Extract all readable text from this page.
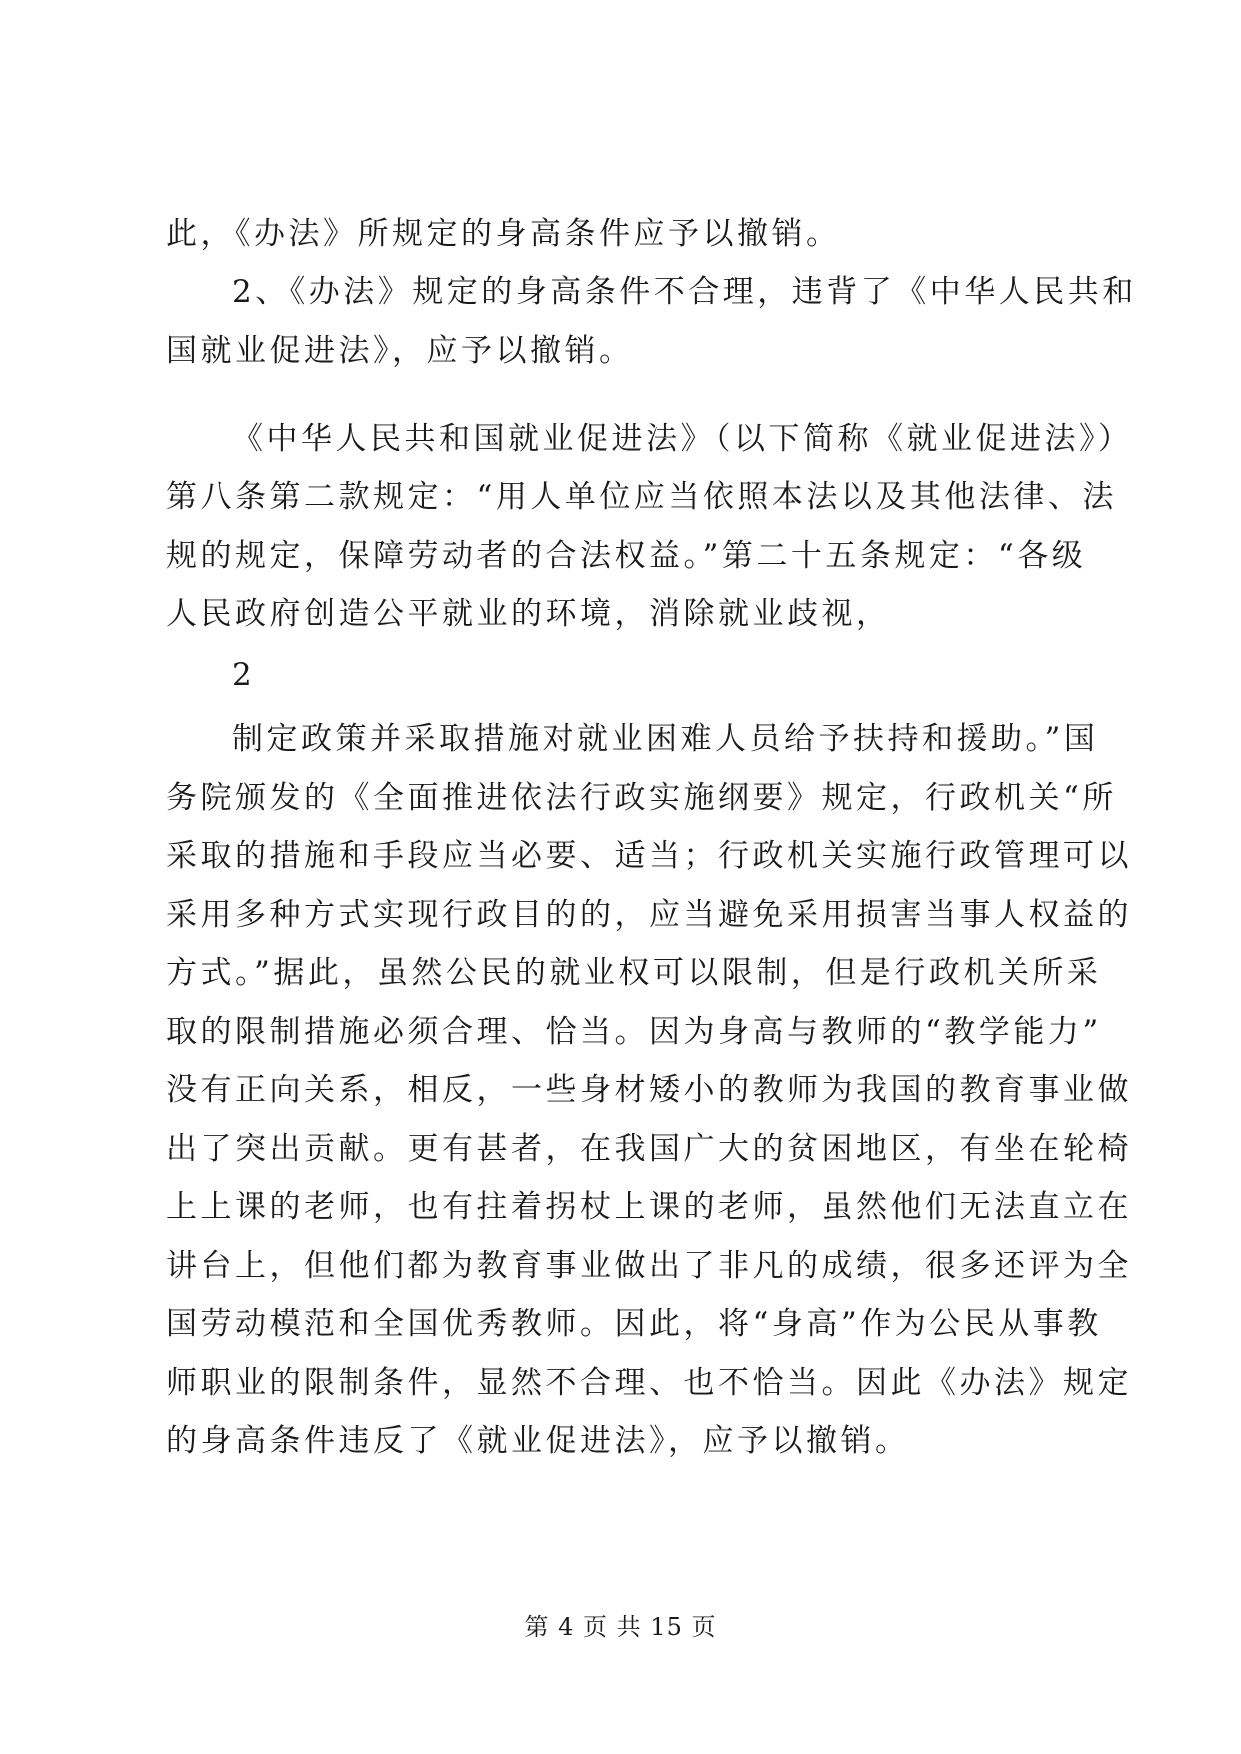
此，《办法》所规定的身高条件应予以撤销。
2、《办法》规定的身高条件不合理，违背了《中华人民共和
国就业促进法》，应予以撤销。
《中华人民共和国就业促进法》（以下简称《就业促进法》）
第八条第二款规定：“用人单位应当依照本法以及其他法律、法
规的规定，保障劳动者的合法权益。”第二十五条规定：“各级
人民政府创造公平就业的环境，消除就业歧视，
2
制定政策并采取措施对就业困难人员给予扶持和援助。”国
务院颁发的《全面推进依法行政实施纲要》规定，行政机关“所
采取的措施和手段应当必要、适当；行政机关实施行政管理可以
采用多种方式实现行政目的的，应当避免采用损害当事人权益的
方式。”据此，虽然公民的就业权可以限制，但是行政机关所采
取的限制措施必须合理、恰当。因为身高与教师的“教学能力”
没有正向关系，相反，一些身材矮小的教师为我国的教育事业做
出了突出贡献。更有甚者，在我国广大的贫困地区，有坐在轮椅
上上课的老师，也有拄着拐杖上课的老师，虽然他们无法直立在
讲台上，但他们都为教育事业做出了非凡的成绩，很多还评为全
国劳动模范和全国优秀教师。因此，将“身高”作为公民从事教
师职业的限制条件，显然不合理、也不恰当。因此《办法》规定
的身高条件违反了《就业促进法》，应予以撤销。
第 4 页 共 15 页
